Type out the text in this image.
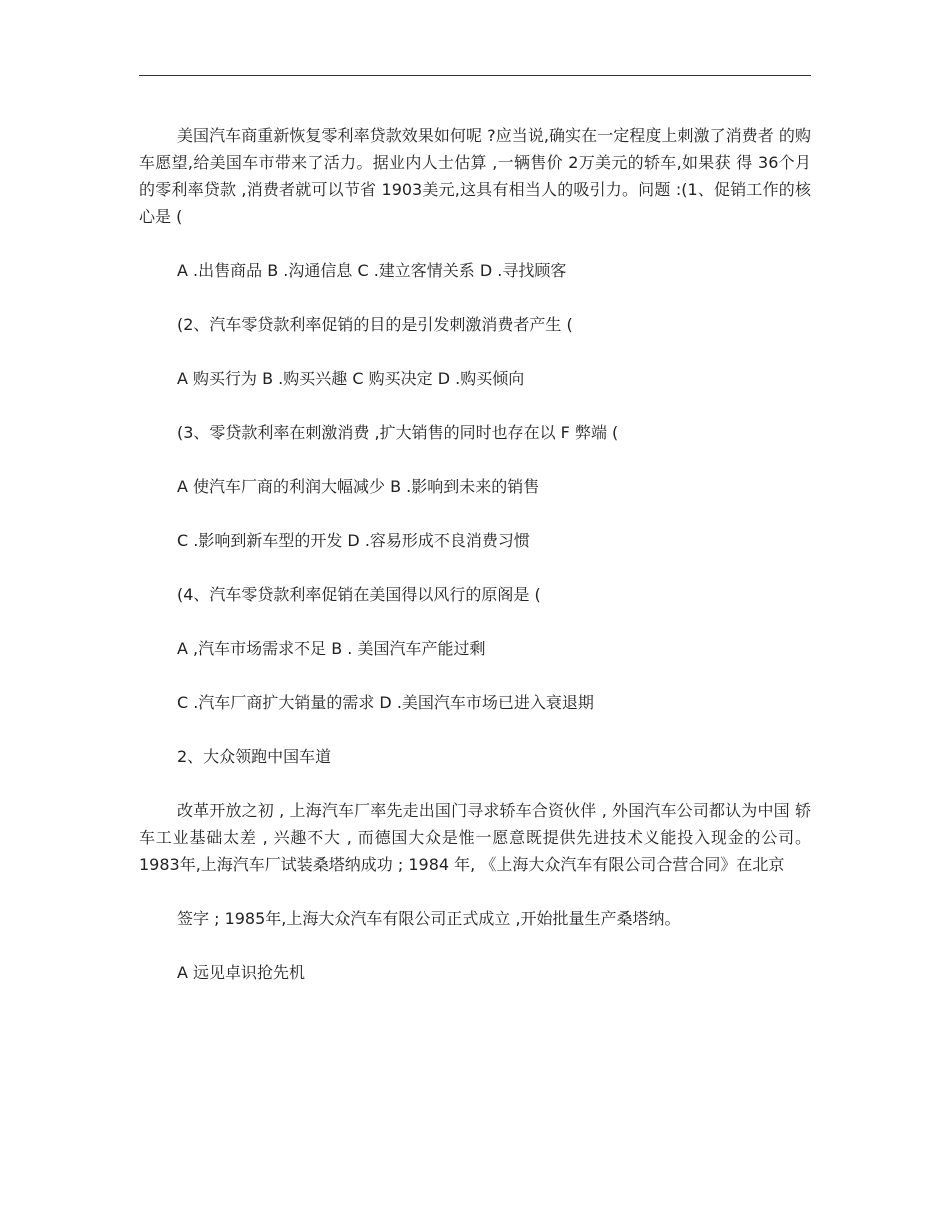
美国汽车商重新恢复零利率贷款效果如何呢 ?应当说,确实在一定程度上刺激了消费者 的购车愿望,给美国车市带来了活力。据业内人士估算 ,一辆售价 2万美元的轿车,如果获 得 36个月的零利率贷款 ,消费者就可以节省 1903美元,这具有相当人的吸引力。问题 :(1、促销工作的核心是 (

A .出售商品 B .沟通信息 C .建立客情关系 D .寻找顾客

(2、汽车零贷款利率促销的目的是引发刺激消费者产生 (

A 购买行为 B .购买兴趣 C 购买决定 D .购买倾向

(3、零贷款利率在刺激消费 ,扩大销售的同时也存在以 F 弊端 (

A 使汽车厂商的利润大幅减少 B .影响到未来的销售

C .影响到新车型的开发 D .容易形成不良消费习惯

(4、汽车零贷款利率促销在美国得以风行的原阁是 (

A ,汽车市场需求不足 B . 美国汽车产能过剩

C .汽车厂商扩大销量的需求 D .美国汽车市场已进入衰退期

2、大众领跑中国车道

改革开放之初 , 上海汽车厂率先走出国门寻求轿车合资伙伴 , 外国汽车公司都认为中国 轿车工业基础太差 , 兴趣不大 , 而德国大众是惟一愿意既提供先进技术义能投入现金的公司。 1983年,上海汽车厂试装桑塔纳成功 ; 1984 年, 《上海大众汽车有限公司合营合同》在北京

签字 ; 1985年,上海大众汽车有限公司正式成立 ,开始批量生产桑塔纳。

A 远见卓识抢先机
